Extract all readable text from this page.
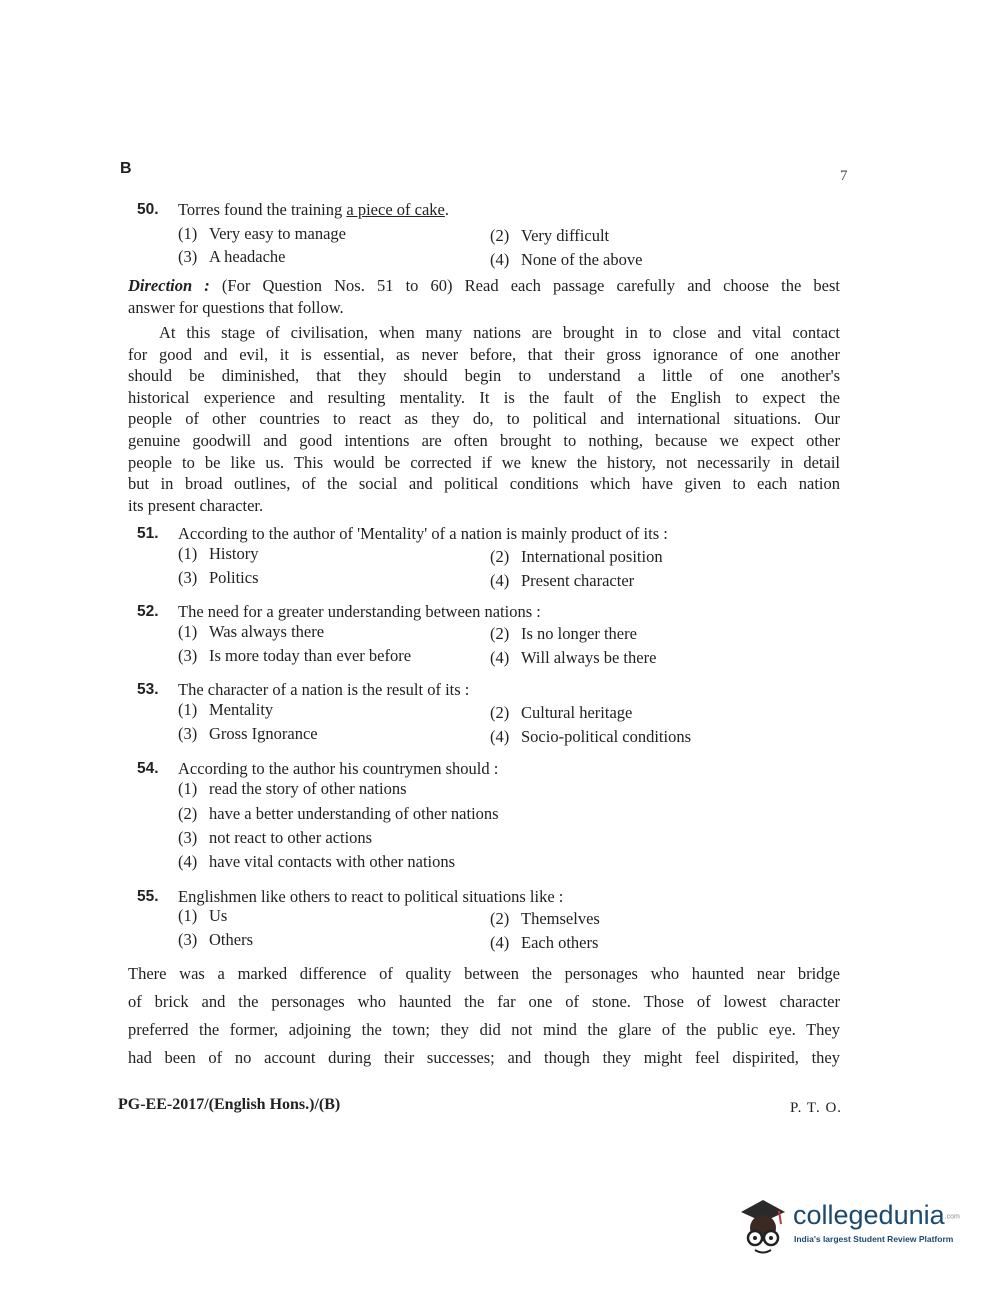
B	7
50. Torres found the training a piece of cake.
(1) Very easy to manage	(2) Very difficult
(3) A headache	(4) None of the above
Direction : (For Question Nos. 51 to 60) Read each passage carefully and choose the best
answer for questions that follow.
At this stage of civilisation, when many nations are brought in to close and vital contact
for good and evil, it is essential, as never before, that their gross ignorance of one another
should be diminished, that they should begin to understand a little of one another's
historical experience and resulting mentality. It is the fault of the English to expect the
people of other countries to react as they do, to political and international situations. Our
genuine goodwill and good intentions are often brought to nothing, because we expect other
people to be like us. This would be corrected if we knew the history, not necessarily in detail
but in broad outlines, of the social and political conditions which have given to each nation
its present character.
51. According to the author of 'Mentality' of a nation is mainly product of its :
(1) History	(2) International position
(3) Politics	(4) Present character
52. The need for a greater understanding between nations :
(1) Was always there	(2) Is no longer there
(3) Is more today than ever before	(4) Will always be there
53. The character of a nation is the result of its :
(1) Mentality	(2) Cultural heritage
(3) Gross Ignorance	(4) Socio-political conditions
54. According to the author his countrymen should :
(1) read the story of other nations
(2) have a better understanding of other nations
(3) not react to other actions
(4) have vital contacts with other nations
55. Englishmen like others to react to political situations like :
(1) Us	(2) Themselves
(3) Others	(4) Each others
There was a marked difference of quality between the personages who haunted near bridge
of brick and the personages who haunted the far one of stone. Those of lowest character
preferred the former, adjoining the town; they did not mind the glare of the public eye. They
had been of no account during their successes; and though they might feel dispirited, they
PG-EE-2017/(English Hons.)/(B)	P. T. O.
collegedunia.com
India's largest Student Review Platform
